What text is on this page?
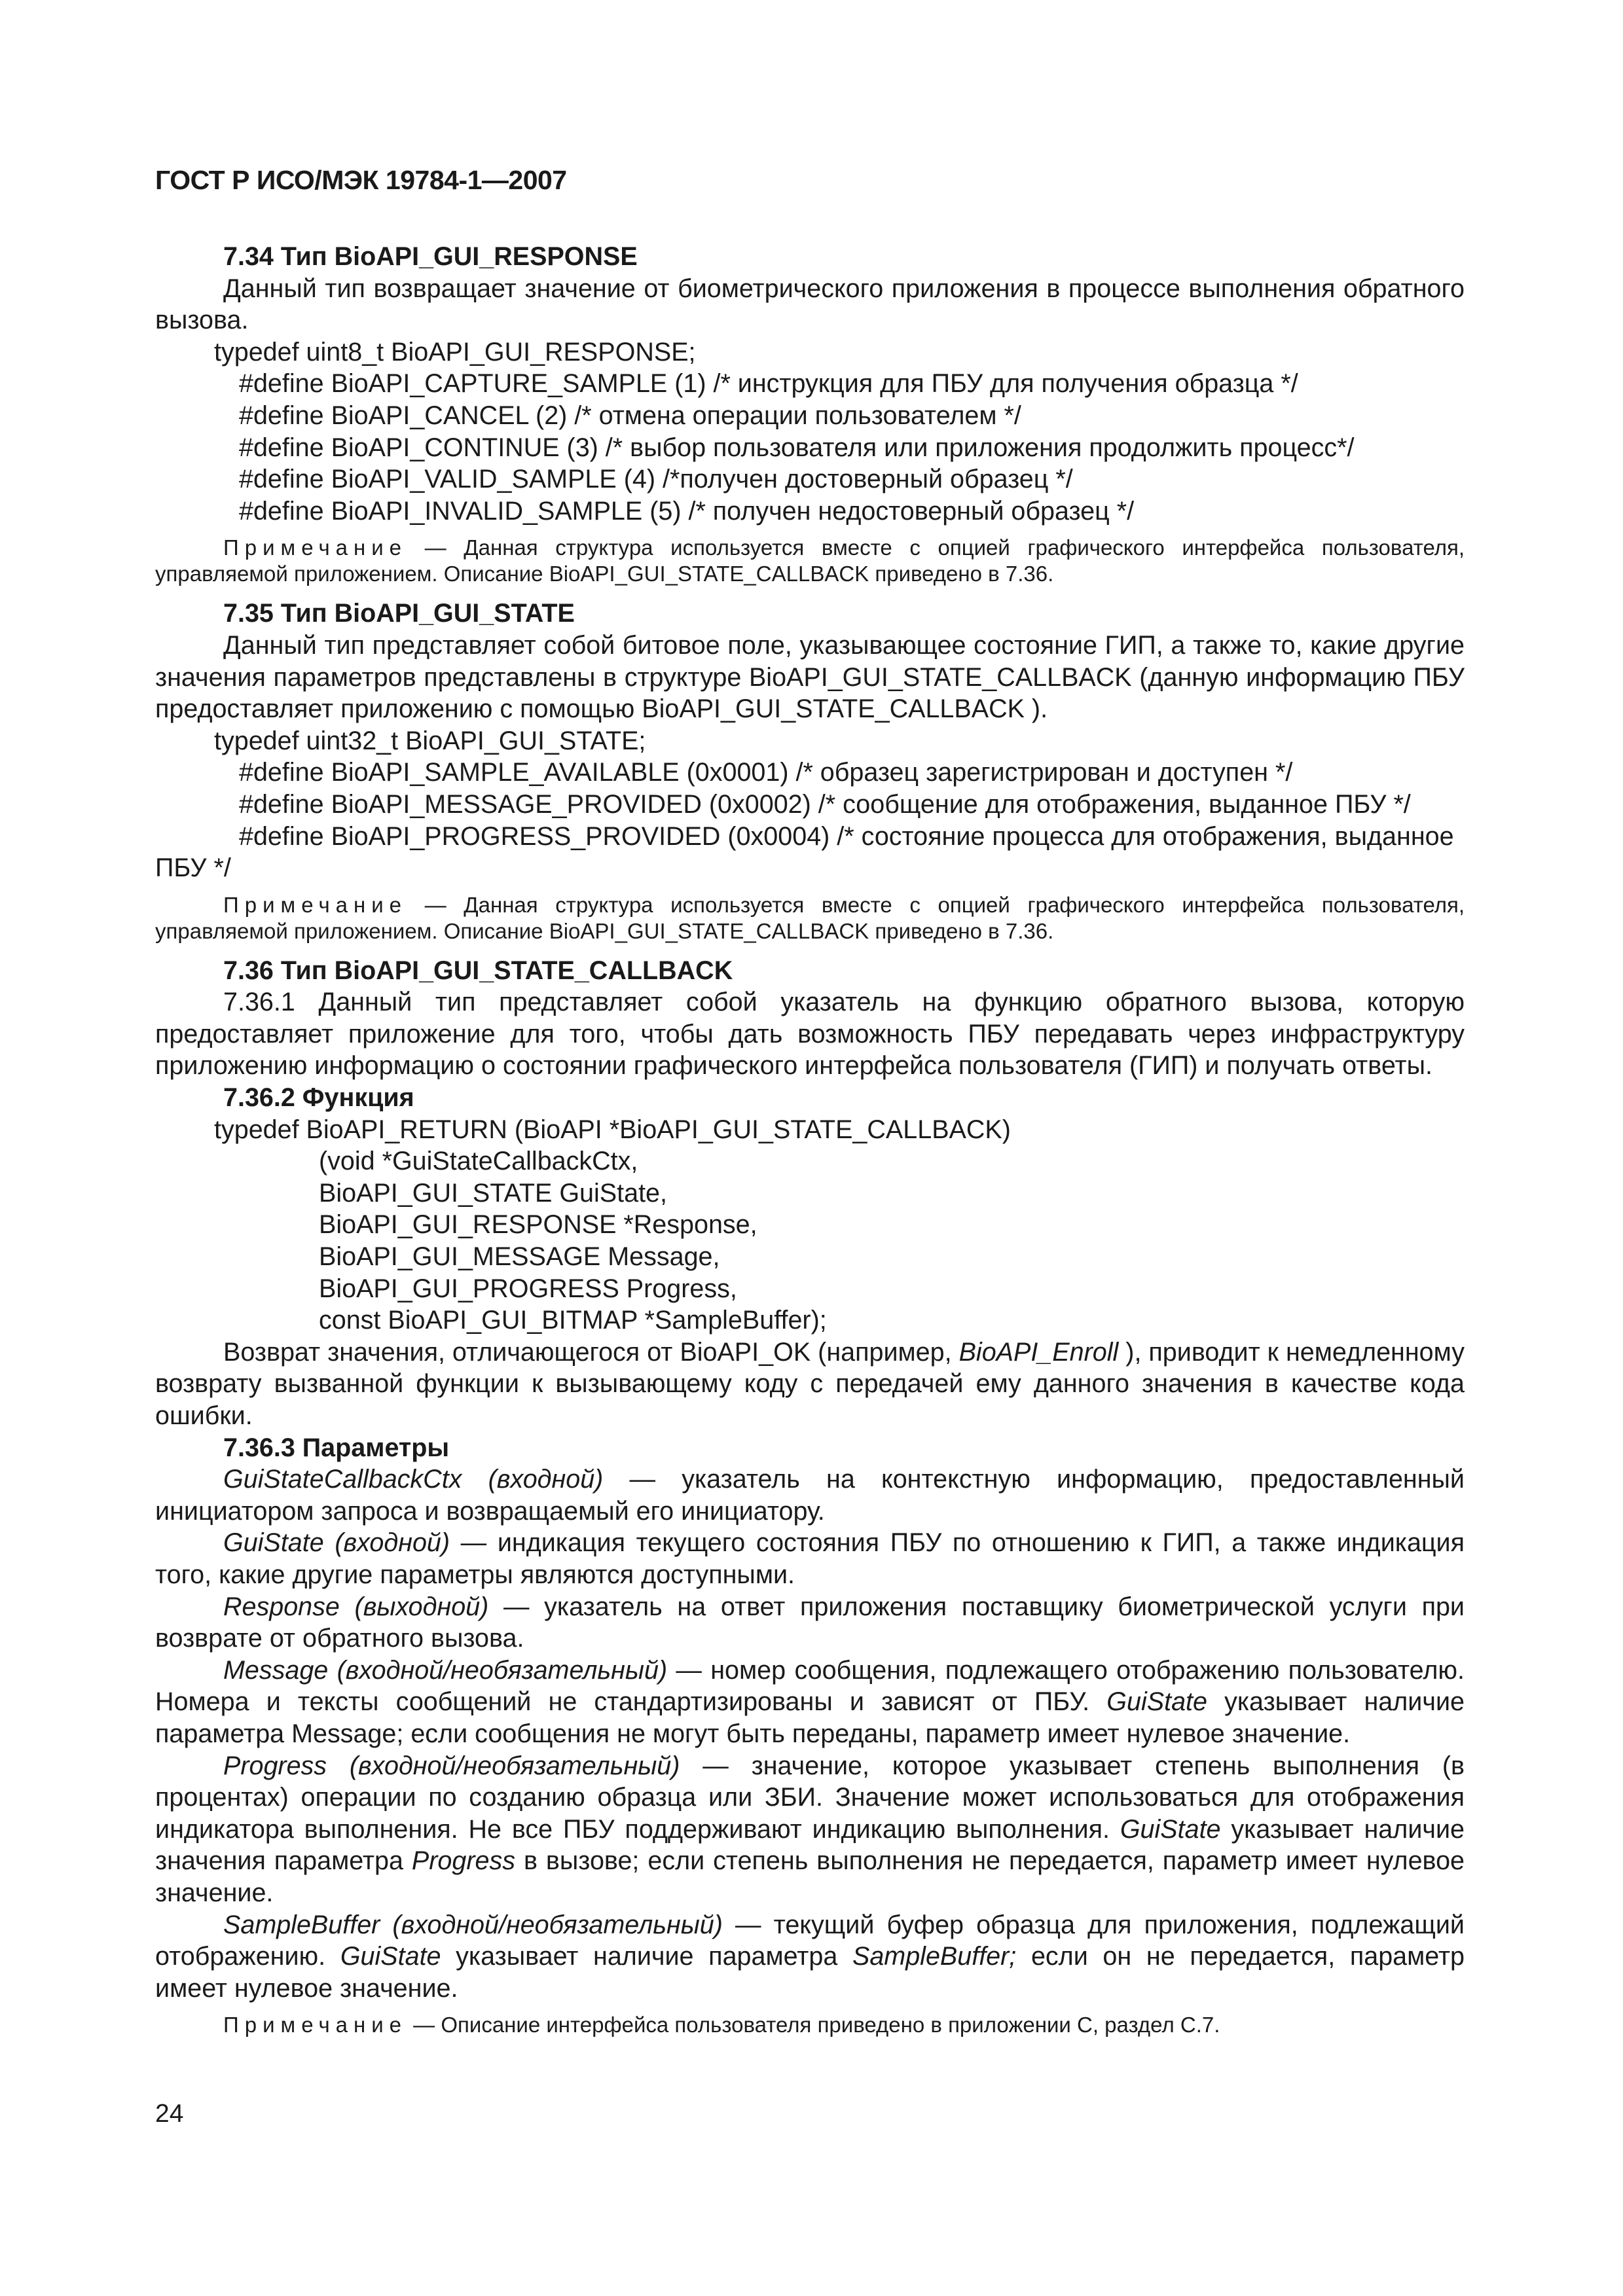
ГОСТ Р ИСО/МЭК 19784-1—2007

7.34 Тип BioAPI_GUI_RESPONSE

Данный тип возвращает значение от биометрического приложения в процессе выполнения обратного вызова.

typedef uint8_t BioAPI_GUI_RESPONSE;

#define BioAPI_CAPTURE_SAMPLE (1) /* инструкция для ПБУ для получения образца */

#define BioAPI_CANCEL (2) /* отмена операции пользователем */

#define BioAPI_CONTINUE (3) /* выбор пользователя или приложения продолжить процесс*/

#define BioAPI_VALID_SAMPLE (4) /*получен достоверный образец */

#define BioAPI_INVALID_SAMPLE (5) /* получен недостоверный образец */

Примечание — Данная структура используется вместе с опцией графического интерфейса пользователя, управляемой приложением. Описание BioAPI_GUI_STATE_CALLBACK приведено в 7.36.

7.35 Тип BioAPI_GUI_STATE

Данный тип представляет собой битовое поле, указывающее состояние ГИП, а также то, какие другие значения параметров представлены в структуре BioAPI_GUI_STATE_CALLBACK (данную информацию ПБУ предоставляет приложению с помощью BioAPI_GUI_STATE_CALLBACK ).

typedef uint32_t BioAPI_GUI_STATE;

#define BioAPI_SAMPLE_AVAILABLE (0x0001) /* образец зарегистрирован и доступен */

#define BioAPI_MESSAGE_PROVIDED (0x0002) /* сообщение для отображения, выданное ПБУ */

#define BioAPI_PROGRESS_PROVIDED (0x0004) /* состояние процесса для отображения, выданное ПБУ */

Примечание — Данная структура используется вместе с опцией графического интерфейса пользователя, управляемой приложением. Описание BioAPI_GUI_STATE_CALLBACK приведено в 7.36.

7.36 Тип BioAPI_GUI_STATE_CALLBACK

7.36.1 Данный тип представляет собой указатель на функцию обратного вызова, которую предоставляет приложение для того, чтобы дать возможность ПБУ передавать через инфраструктуру приложению информацию о состоянии графического интерфейса пользователя (ГИП) и получать ответы.

7.36.2 Функция

typedef BioAPI_RETURN (BioAPI *BioAPI_GUI_STATE_CALLBACK)

(void *GuiStateCallbackCtx,

BioAPI_GUI_STATE GuiState,

BioAPI_GUI_RESPONSE *Response,

BioAPI_GUI_MESSAGE Message,

BioAPI_GUI_PROGRESS Progress,

const BioAPI_GUI_BITMAP *SampleBuffer);

Возврат значения, отличающегося от BioAPI_OK (например, BioAPI_Enroll ), приводит к немедленному возврату вызванной функции к вызывающему коду с передачей ему данного значения в качестве кода ошибки.

7.36.3 Параметры

GuiStateCallbackCtx (входной) — указатель на контекстную информацию, предоставленный инициатором запроса и возвращаемый его инициатору.

GuiState (входной) — индикация текущего состояния ПБУ по отношению к ГИП, а также индикация того, какие другие параметры являются доступными.

Response (выходной) — указатель на ответ приложения поставщику биометрической услуги при возврате от обратного вызова.

Message (входной/необязательный) — номер сообщения, подлежащего отображению пользователю. Номера и тексты сообщений не стандартизированы и зависят от ПБУ. GuiState указывает наличие параметра Message; если сообщения не могут быть переданы, параметр имеет нулевое значение.

Progress (входной/необязательный) — значение, которое указывает степень выполнения (в процентах) операции по созданию образца или ЗБИ. Значение может использоваться для отображения индикатора выполнения. Не все ПБУ поддерживают индикацию выполнения. GuiState указывает наличие значения параметра Progress в вызове; если степень выполнения не передается, параметр имеет нулевое значение.

SampleBuffer (входной/необязательный) — текущий буфер образца для приложения, подлежащий отображению. GuiState указывает наличие параметра SampleBuffer; если он не передается, параметр имеет нулевое значение.

Примечание — Описание интерфейса пользователя приведено в приложении С, раздел С.7.

24
